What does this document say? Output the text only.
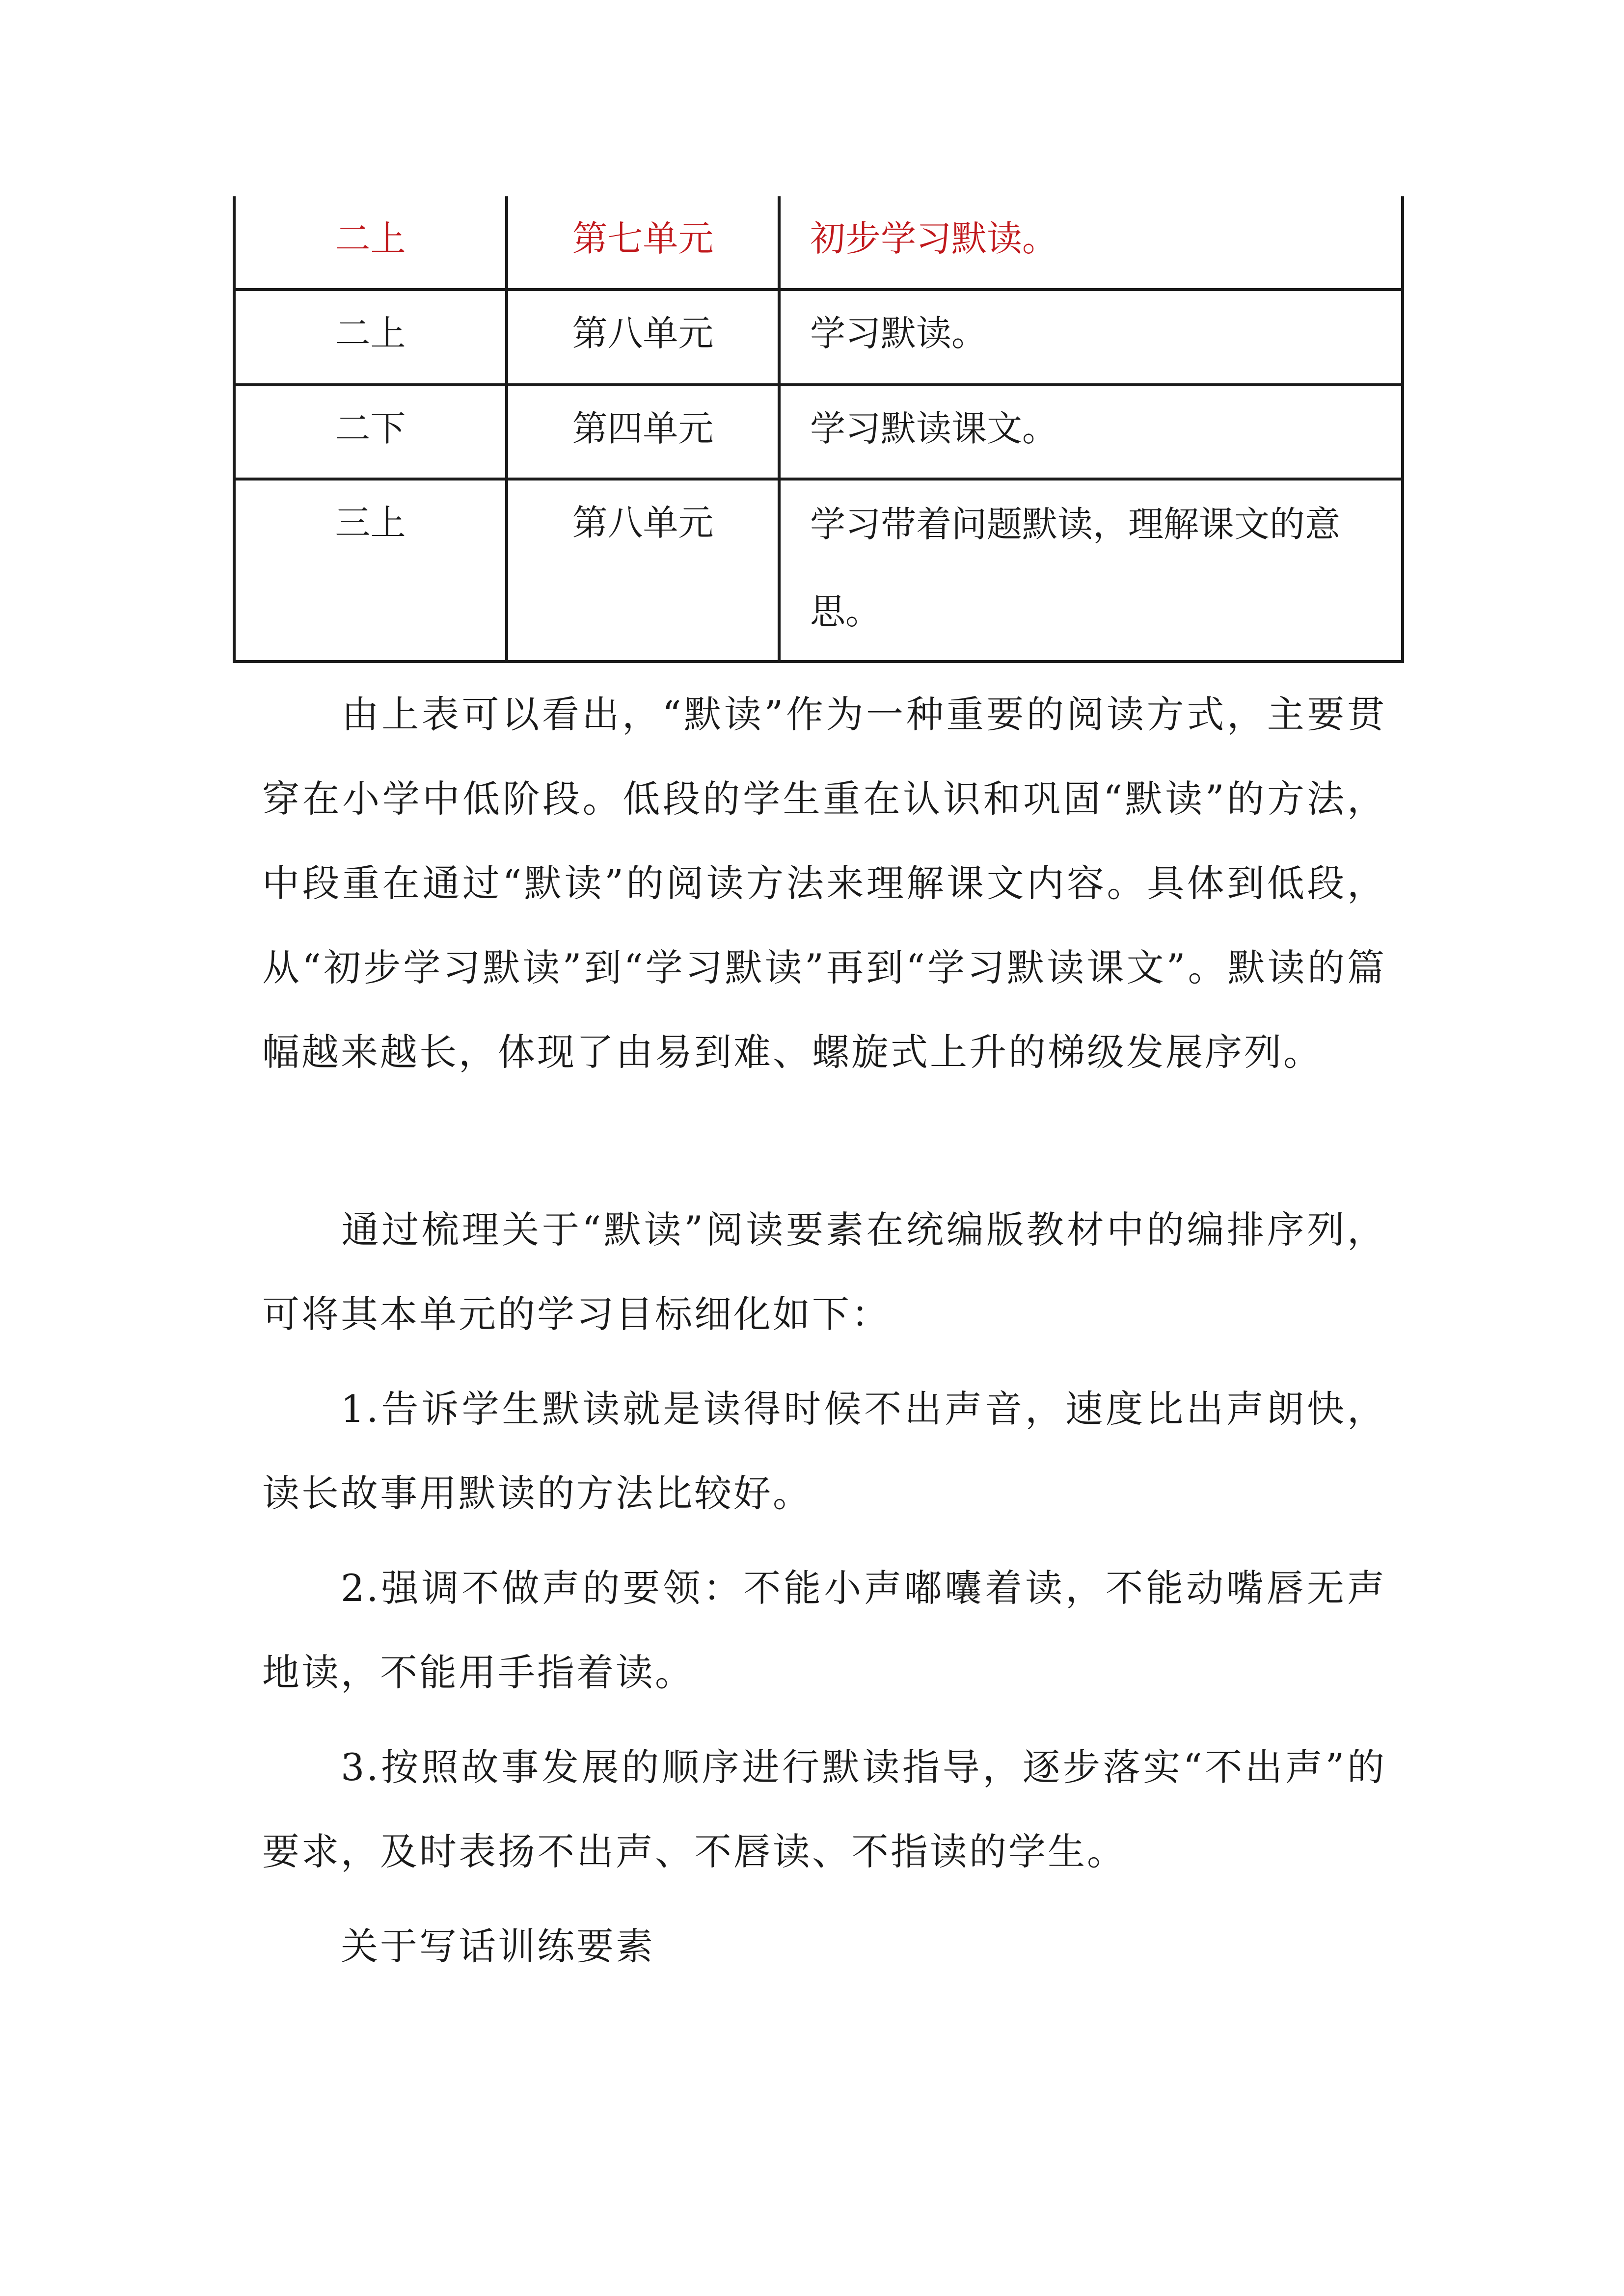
二上	第七单元	初步学习默读。
二上	第八单元	学习默读。
二下	第四单元	学习默读课文。
三上	第八单元	学习带着问题默读，理解课文的意思。

由上表可以看出，“默读”作为一种重要的阅读方式，主要贯穿在小学中低阶段。低段的学生重在认识和巩固“默读”的方法，中段重在通过“默读”的阅读方法来理解课文内容。具体到低段，从“初步学习默读”到“学习默读”再到“学习默读课文”。默读的篇幅越来越长，体现了由易到难、螺旋式上升的梯级发展序列。

通过梳理关于“默读”阅读要素在统编版教材中的编排序列，可将其本单元的学习目标细化如下：

1.告诉学生默读就是读得时候不出声音，速度比出声朗快，读长故事用默读的方法比较好。

2.强调不做声的要领：不能小声嘟囔着读，不能动嘴唇无声地读，不能用手指着读。

3.按照故事发展的顺序进行默读指导，逐步落实“不出声”的要求，及时表扬不出声、不唇读、不指读的学生。

关于写话训练要素
